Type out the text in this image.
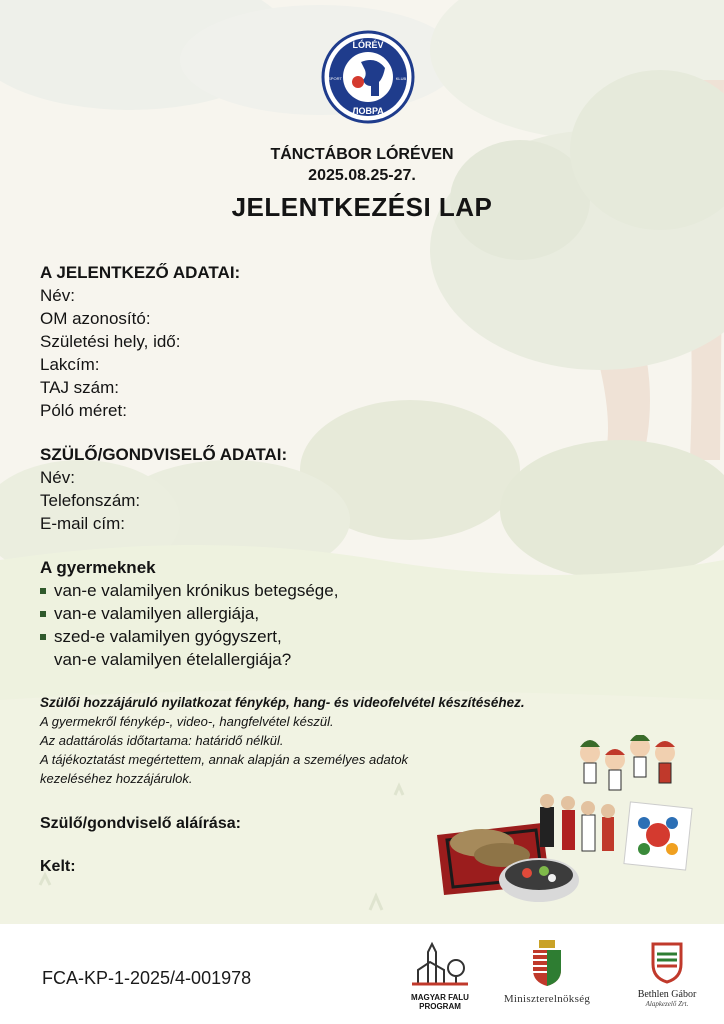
LÓRÉV
ЛОВРА
SPORT	KLUB
TÁNCTÁBOR LÓRÉVEN
2025.08.25-27.
JELENTKEZÉSI LAP
A JELENTKEZŐ ADATAI:
Név:
OM azonosító:
Születési hely, idő:
Lakcím:
TAJ szám:
Póló méret:
SZÜLŐ/GONDVISELŐ ADATAI:
Név:
Telefonszám:
E-mail cím:
A gyermeknek
van-e valamilyen krónikus betegsége,
van-e valamilyen allergiája,
szed-e valamilyen gyógyszert,
van-e valamilyen ételallergiája?
Szülői hozzájáruló nyilatkozat fénykép, hang- és videofelvétel készítéséhez.
A gyermekről fénykép-, video-, hangfelvétel készül.
Az adattárolás időtartama: határidő nélkül.
A tájékoztatást megértettem, annak alapján a személyes adatok
kezeléséhez hozzájárulok.
Szülő/gondviselő aláírása:
Kelt:
FCA-KP-1-2025/4-001978
MAGYAR FALU
PROGRAM
Miniszterelnökség	Bethlen Gábor
Alapkezelő Zrt.
